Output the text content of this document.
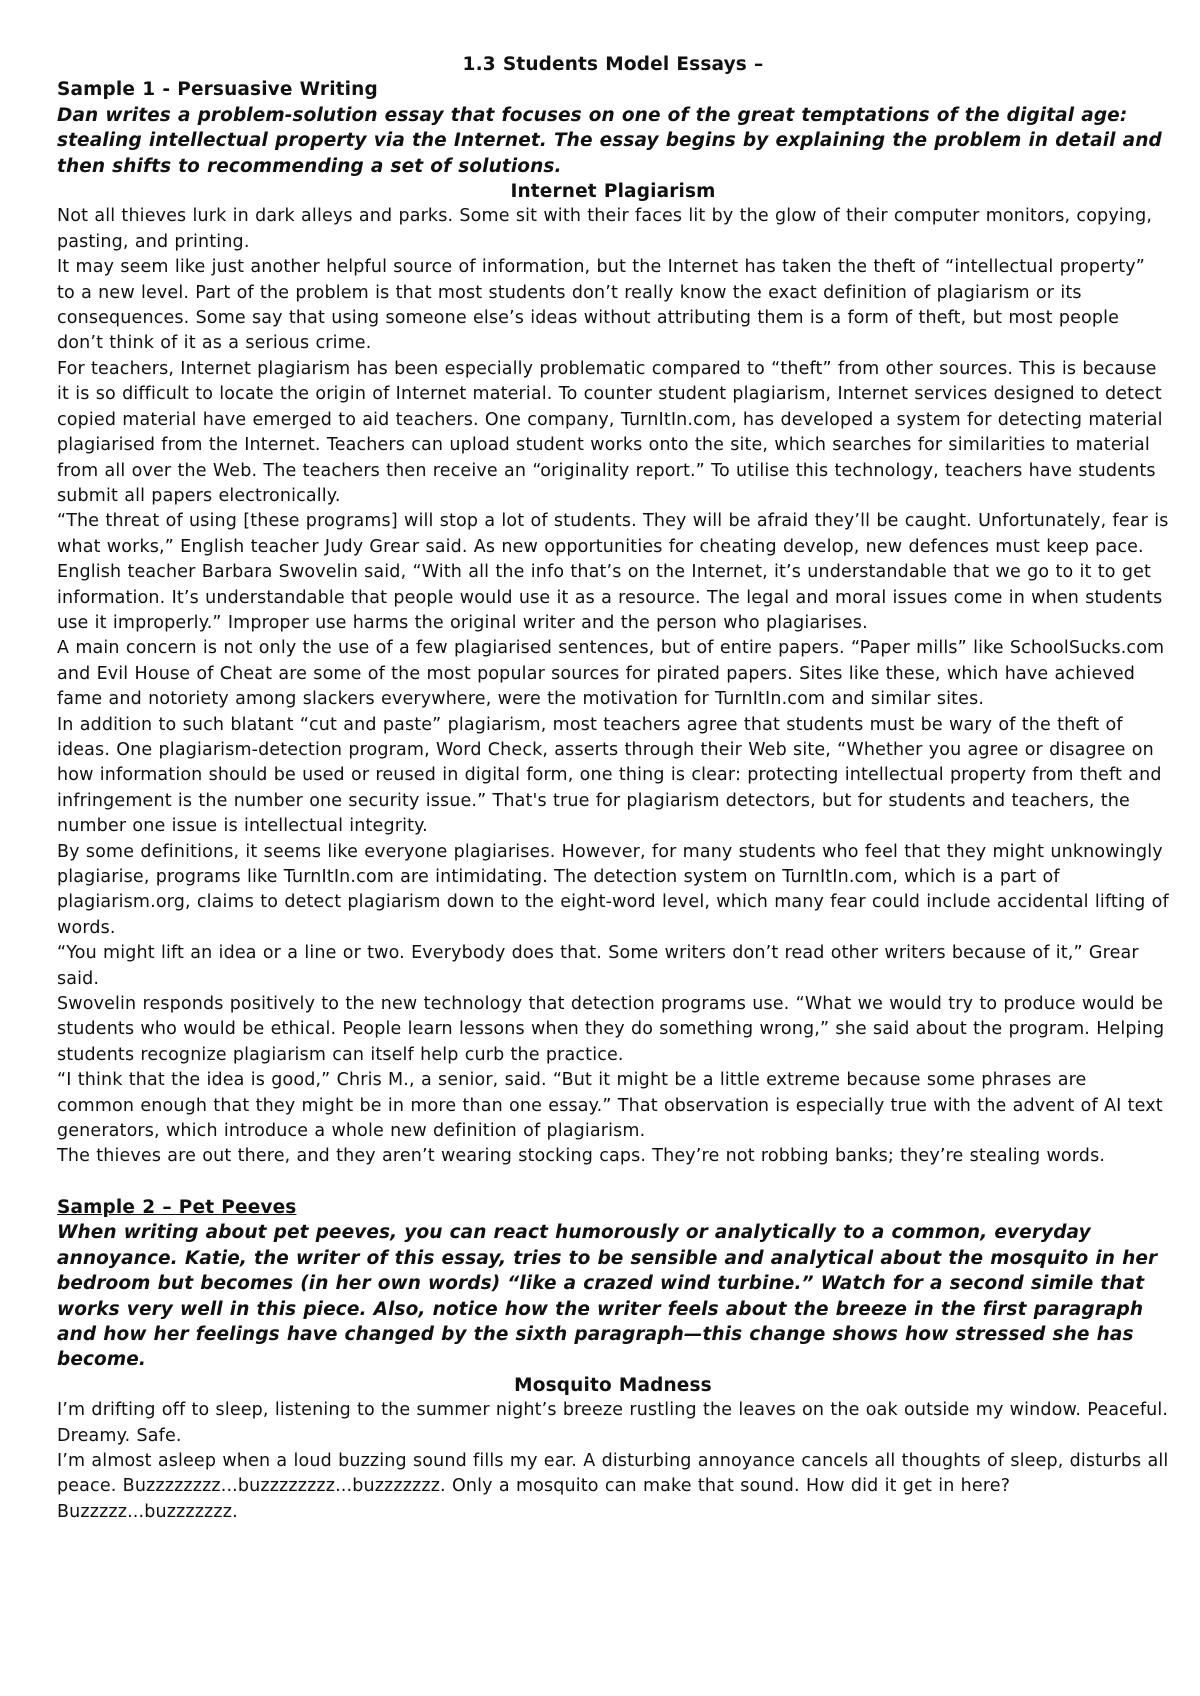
1.3 Students Model Essays –

Sample 1 - Persuasive Writing

Dan writes a problem-solution essay that focuses on one of the great temptations of the digital age: stealing intellectual property via the Internet. The essay begins by explaining the problem in detail and then shifts to recommending a set of solutions.

Internet Plagiarism

Not all thieves lurk in dark alleys and parks. Some sit with their faces lit by the glow of their computer monitors, copying, pasting, and printing.

It may seem like just another helpful source of information, but the Internet has taken the theft of “intellectual property” to a new level. Part of the problem is that most students don’t really know the exact definition of plagiarism or its consequences. Some say that using someone else’s ideas without attributing them is a form of theft, but most people don’t think of it as a serious crime.

For teachers, Internet plagiarism has been especially problematic compared to “theft” from other sources. This is because it is so difficult to locate the origin of Internet material. To counter student plagiarism, Internet services designed to detect copied material have emerged to aid teachers. One company, TurnItIn.com, has developed a system for detecting material plagiarised from the Internet. Teachers can upload student works onto the site, which searches for similarities to material from all over the Web. The teachers then receive an “originality report.” To utilise this technology, teachers have students submit all papers electronically.

“The threat of using [these programs] will stop a lot of students. They will be afraid they’ll be caught. Unfortunately, fear is what works,” English teacher Judy Grear said. As new opportunities for cheating develop, new defences must keep pace.

English teacher Barbara Swovelin said, “With all the info that’s on the Internet, it’s understandable that we go to it to get information. It’s understandable that people would use it as a resource. The legal and moral issues come in when students use it improperly.” Improper use harms the original writer and the person who plagiarises.

A main concern is not only the use of a few plagiarised sentences, but of entire papers. “Paper mills” like SchoolSucks.com and Evil House of Cheat are some of the most popular sources for pirated papers. Sites like these, which have achieved fame and notoriety among slackers everywhere, were the motivation for TurnItIn.com and similar sites.

In addition to such blatant “cut and paste” plagiarism, most teachers agree that students must be wary of the theft of ideas. One plagiarism-detection program, Word Check, asserts through their Web site, “Whether you agree or disagree on how information should be used or reused in digital form, one thing is clear: protecting intellectual property from theft and infringement is the number one security issue.” That's true for plagiarism detectors, but for students and teachers, the number one issue is intellectual integrity.

By some definitions, it seems like everyone plagiarises. However, for many students who feel that they might unknowingly plagiarise, programs like TurnItIn.com are intimidating. The detection system on TurnItIn.com, which is a part of plagiarism.org, claims to detect plagiarism down to the eight-word level, which many fear could include accidental lifting of words.

“You might lift an idea or a line or two. Everybody does that. Some writers don’t read other writers because of it,” Grear said.

Swovelin responds positively to the new technology that detection programs use. “What we would try to produce would be students who would be ethical. People learn lessons when they do something wrong,” she said about the program. Helping students recognize plagiarism can itself help curb the practice.

“I think that the idea is good,” Chris M., a senior, said. “But it might be a little extreme because some phrases are common enough that they might be in more than one essay.” That observation is especially true with the advent of AI text generators, which introduce a whole new definition of plagiarism.

The thieves are out there, and they aren’t wearing stocking caps. They’re not robbing banks; they’re stealing words.

Sample 2 – Pet Peeves

When writing about pet peeves, you can react humorously or analytically to a common, everyday annoyance. Katie, the writer of this essay, tries to be sensible and analytical about the mosquito in her bedroom but becomes (in her own words) “like a crazed wind turbine.” Watch for a second simile that works very well in this piece. Also, notice how the writer feels about the breeze in the first paragraph and how her feelings have changed by the sixth paragraph—this change shows how stressed she has become.

Mosquito Madness

I’m drifting off to sleep, listening to the summer night’s breeze rustling the leaves on the oak outside my window. Peaceful. Dreamy. Safe.

I’m almost asleep when a loud buzzing sound fills my ear. A disturbing annoyance cancels all thoughts of sleep, disturbs all peace. Buzzzzzzzz...buzzzzzzzz...buzzzzzzz. Only a mosquito can make that sound. How did it get in here? Buzzzzz...buzzzzzzz.
